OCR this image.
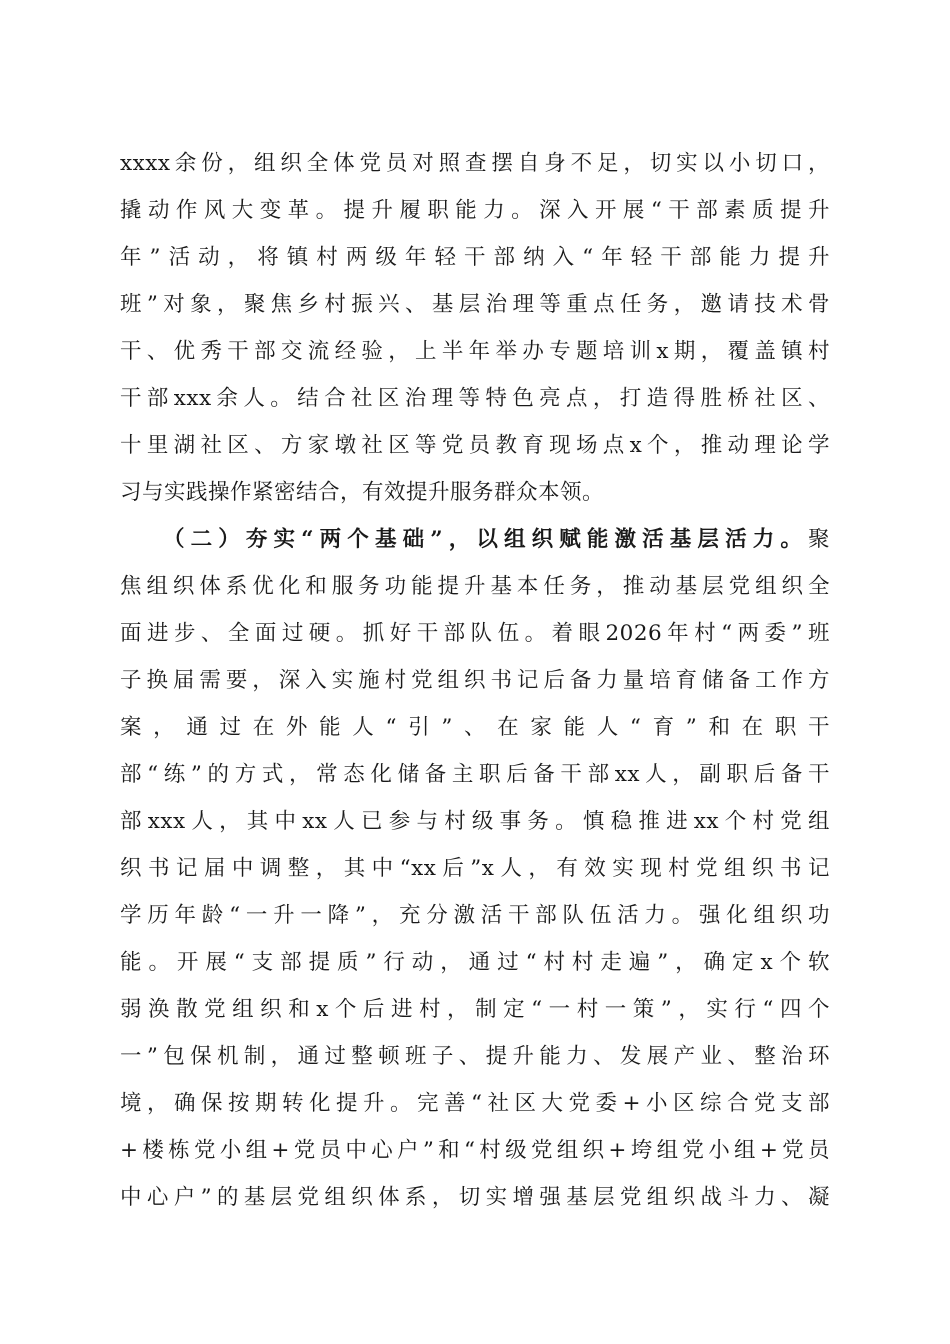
xxxx余份，组织全体党员对照查摆自身不足，切实以小切口，
撬动作风大变革。提升履职能力。深入开展“干部素质提升
年”活动，将镇村两级年轻干部纳入“年轻干部能力提升
班”对象，聚焦乡村振兴、基层治理等重点任务，邀请技术骨
干、优秀干部交流经验，上半年举办专题培训x期，覆盖镇村
干部xxx余人。结合社区治理等特色亮点，打造得胜桥社区、
十里湖社区、方家墩社区等党员教育现场点x个，推动理论学
习与实践操作紧密结合，有效提升服务群众本领。
（二）夯实“两个基础”，以组织赋能激活基层活力。聚
焦组织体系优化和服务功能提升基本任务，推动基层党组织全
面进步、全面过硬。抓好干部队伍。着眼2026年村“两委”班
子换届需要，深入实施村党组织书记后备力量培育储备工作方
案，通过在外能人“引”、在家能人“育”和在职干
部“练”的方式，常态化储备主职后备干部xx人，副职后备干
部xxx人，其中xx人已参与村级事务。慎稳推进xx个村党组
织书记届中调整，其中“xx后”x人，有效实现村党组织书记
学历年龄“一升一降”，充分激活干部队伍活力。强化组织功
能。开展“支部提质”行动，通过“村村走遍”，确定x个软
弱涣散党组织和x个后进村，制定“一村一策”，实行“四个
一”包保机制，通过整顿班子、提升能力、发展产业、整治环
境，确保按期转化提升。完善“社区大党委+小区综合党支部
+楼栋党小组+党员中心户”和“村级党组织+垮组党小组+党员
中心户”的基层党组织体系，切实增强基层党组织战斗力、凝
